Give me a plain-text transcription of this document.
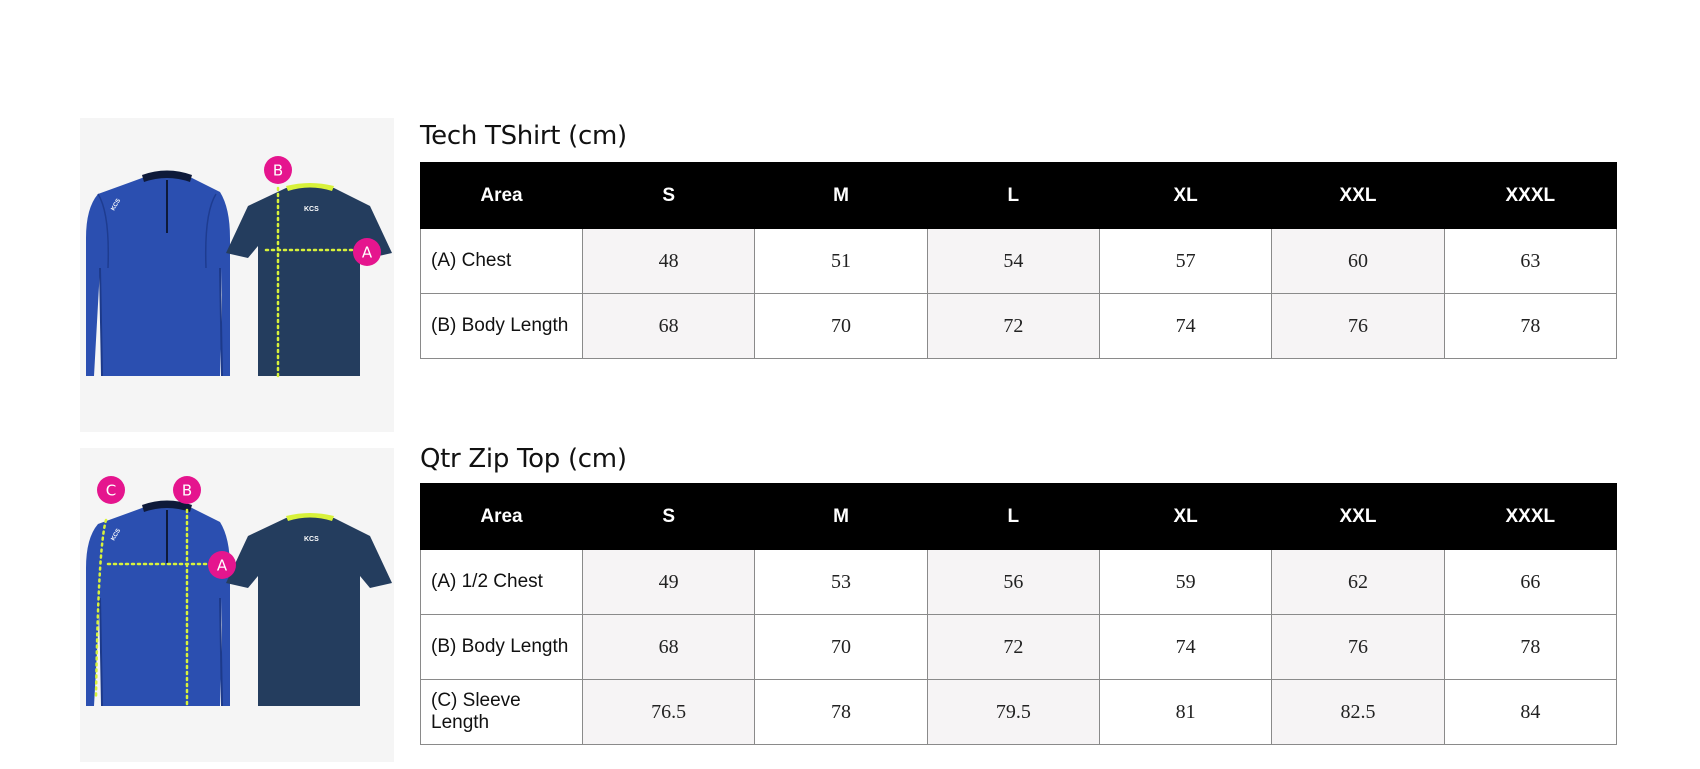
KCS	KCS
B
A
Tech TShirt (cm)
Area	S	M	L	XL	XXL	XXXL
(A) Chest	48	51	54	57	60	63
(B) Body Length	68	70	72	74	76	78
KCS	KCS
C	B
A
Qtr Zip Top (cm)
Area	S	M	L	XL	XXL	XXXL
(A) 1/2 Chest	49	53	56	59	62	66
(B) Body Length	68	70	72	74	76	78
(C) Sleeve Length	76.5	78	79.5	81	82.5	84
